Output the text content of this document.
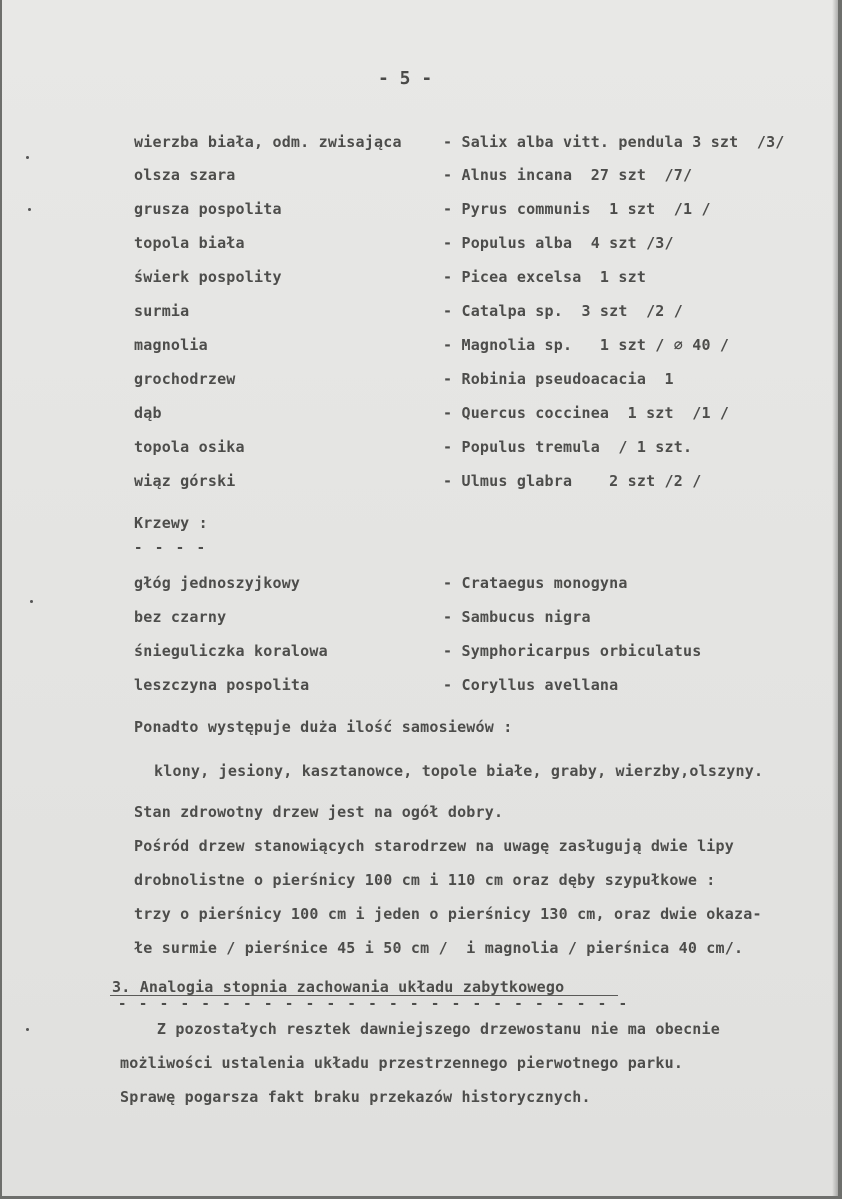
- 5 -
wierzba biała, odm. zwisająca	- Salix alba vitt. pendula 3 szt  /3/
olsza szara	- Alnus incana  27 szt  /7/
grusza pospolita	- Pyrus communis  1 szt  /1 /
topola biała	- Populus alba  4 szt /3/
świerk pospolity	- Picea excelsa  1 szt
surmia	- Catalpa sp.  3 szt  /2 /
magnolia	- Magnolia sp.   1 szt / ∅ 40 /
grochodrzew	- Robinia pseudoacacia  1
dąb	- Quercus coccinea  1 szt  /1 /
topola osika	- Populus tremula  / 1 szt.
wiąz górski	- Ulmus glabra    2 szt /2 /
Krzewy :
- - - -
głóg jednoszyjkowy	- Crataegus monogyna
bez czarny	- Sambucus nigra
śnieguliczka koralowa	- Symphoricarpus orbiculatus
leszczyna pospolita	- Coryllus avellana
Ponadto występuje duża ilość samosiewów :
klony, jesiony, kasztanowce, topole białe, graby, wierzby,olszyny.
Stan zdrowotny drzew jest na ogół dobry.
Pośród drzew stanowiących starodrzew na uwagę zasługują dwie lipy
drobnolistne o pierśnicy 100 cm i 110 cm oraz dęby szypułkowe :
trzy o pierśnicy 100 cm i jeden o pierśnicy 130 cm, oraz dwie okaza-
łe surmie / pierśnice 45 i 50 cm /  i magnolia / pierśnica 40 cm/.
3. Analogia stopnia zachowania układu zabytkowego
- - - - - - - - - - - - - - - - - - - - - - - - -
Z pozostałych resztek dawniejszego drzewostanu nie ma obecnie
możliwości ustalenia układu przestrzennego pierwotnego parku.
Sprawę pogarsza fakt braku przekazów historycznych.
